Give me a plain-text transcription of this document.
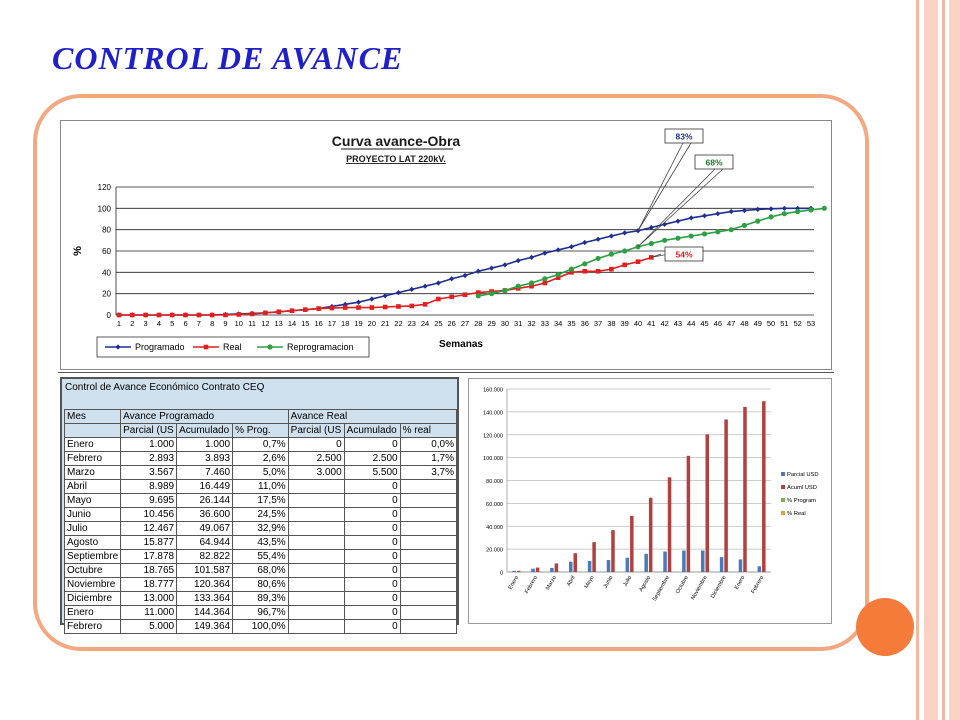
CONTROL DE AVANCE
Curva avance-Obra
PROYECTO LAT 220kV.
%
Semanas
0
20
40
60
80
100
120
1 2 3 4 5 6 7 8 9 10 11 12 13 14 15 16 17 18 19 20 21 22 23 24 25 26 27 28 29 30 31 32 33 34 35 36 37 38 39 40 41 42 43 44 45 46 47 48 49 50 51 52 53
83%
68%
54%
Programado	Real	Reprogramacion
Control de Avance Económico Contrato CEQ
Mes	Avance Programado			Avance Real		
	Parcial (US	Acumulado	% Prog.	Parcial (US	Acumulado	% real
Enero	1.000	1.000	0,7%	0	0	0,0%
Febrero	2.893	3.893	2,6%	2.500	2.500	1,7%
Marzo	3.567	7.460	5,0%	3.000	5.500	3,7%
Abril	8.989	16.449	11,0%		0	
Mayo	9.695	26.144	17,5%		0	
Junio	10.456	36.600	24,5%		0	
Julio	12.467	49.067	32,9%		0	
Agosto	15.877	64.944	43,5%		0	
Septiembre	17.878	82.822	55,4%		0	
Octubre	18.765	101.587	68,0%		0	
Noviembre	18.777	120.364	80,6%		0	
Diciembre	13.000	133.364	89,3%		0	
Enero	11.000	144.364	96,7%		0	
Febrero	5.000	149.364	100,0%		0	
0
20.000
40.000
60.000
80.000
100.000
120.000
140.000
160.000
Enero Febrero Marzo Abril Mayo Junio Julio Agosto Septiembre Octubre Noviembre Diciembre Enero Febrero
Parcial USD
Acuml USD
% Program
% Real
